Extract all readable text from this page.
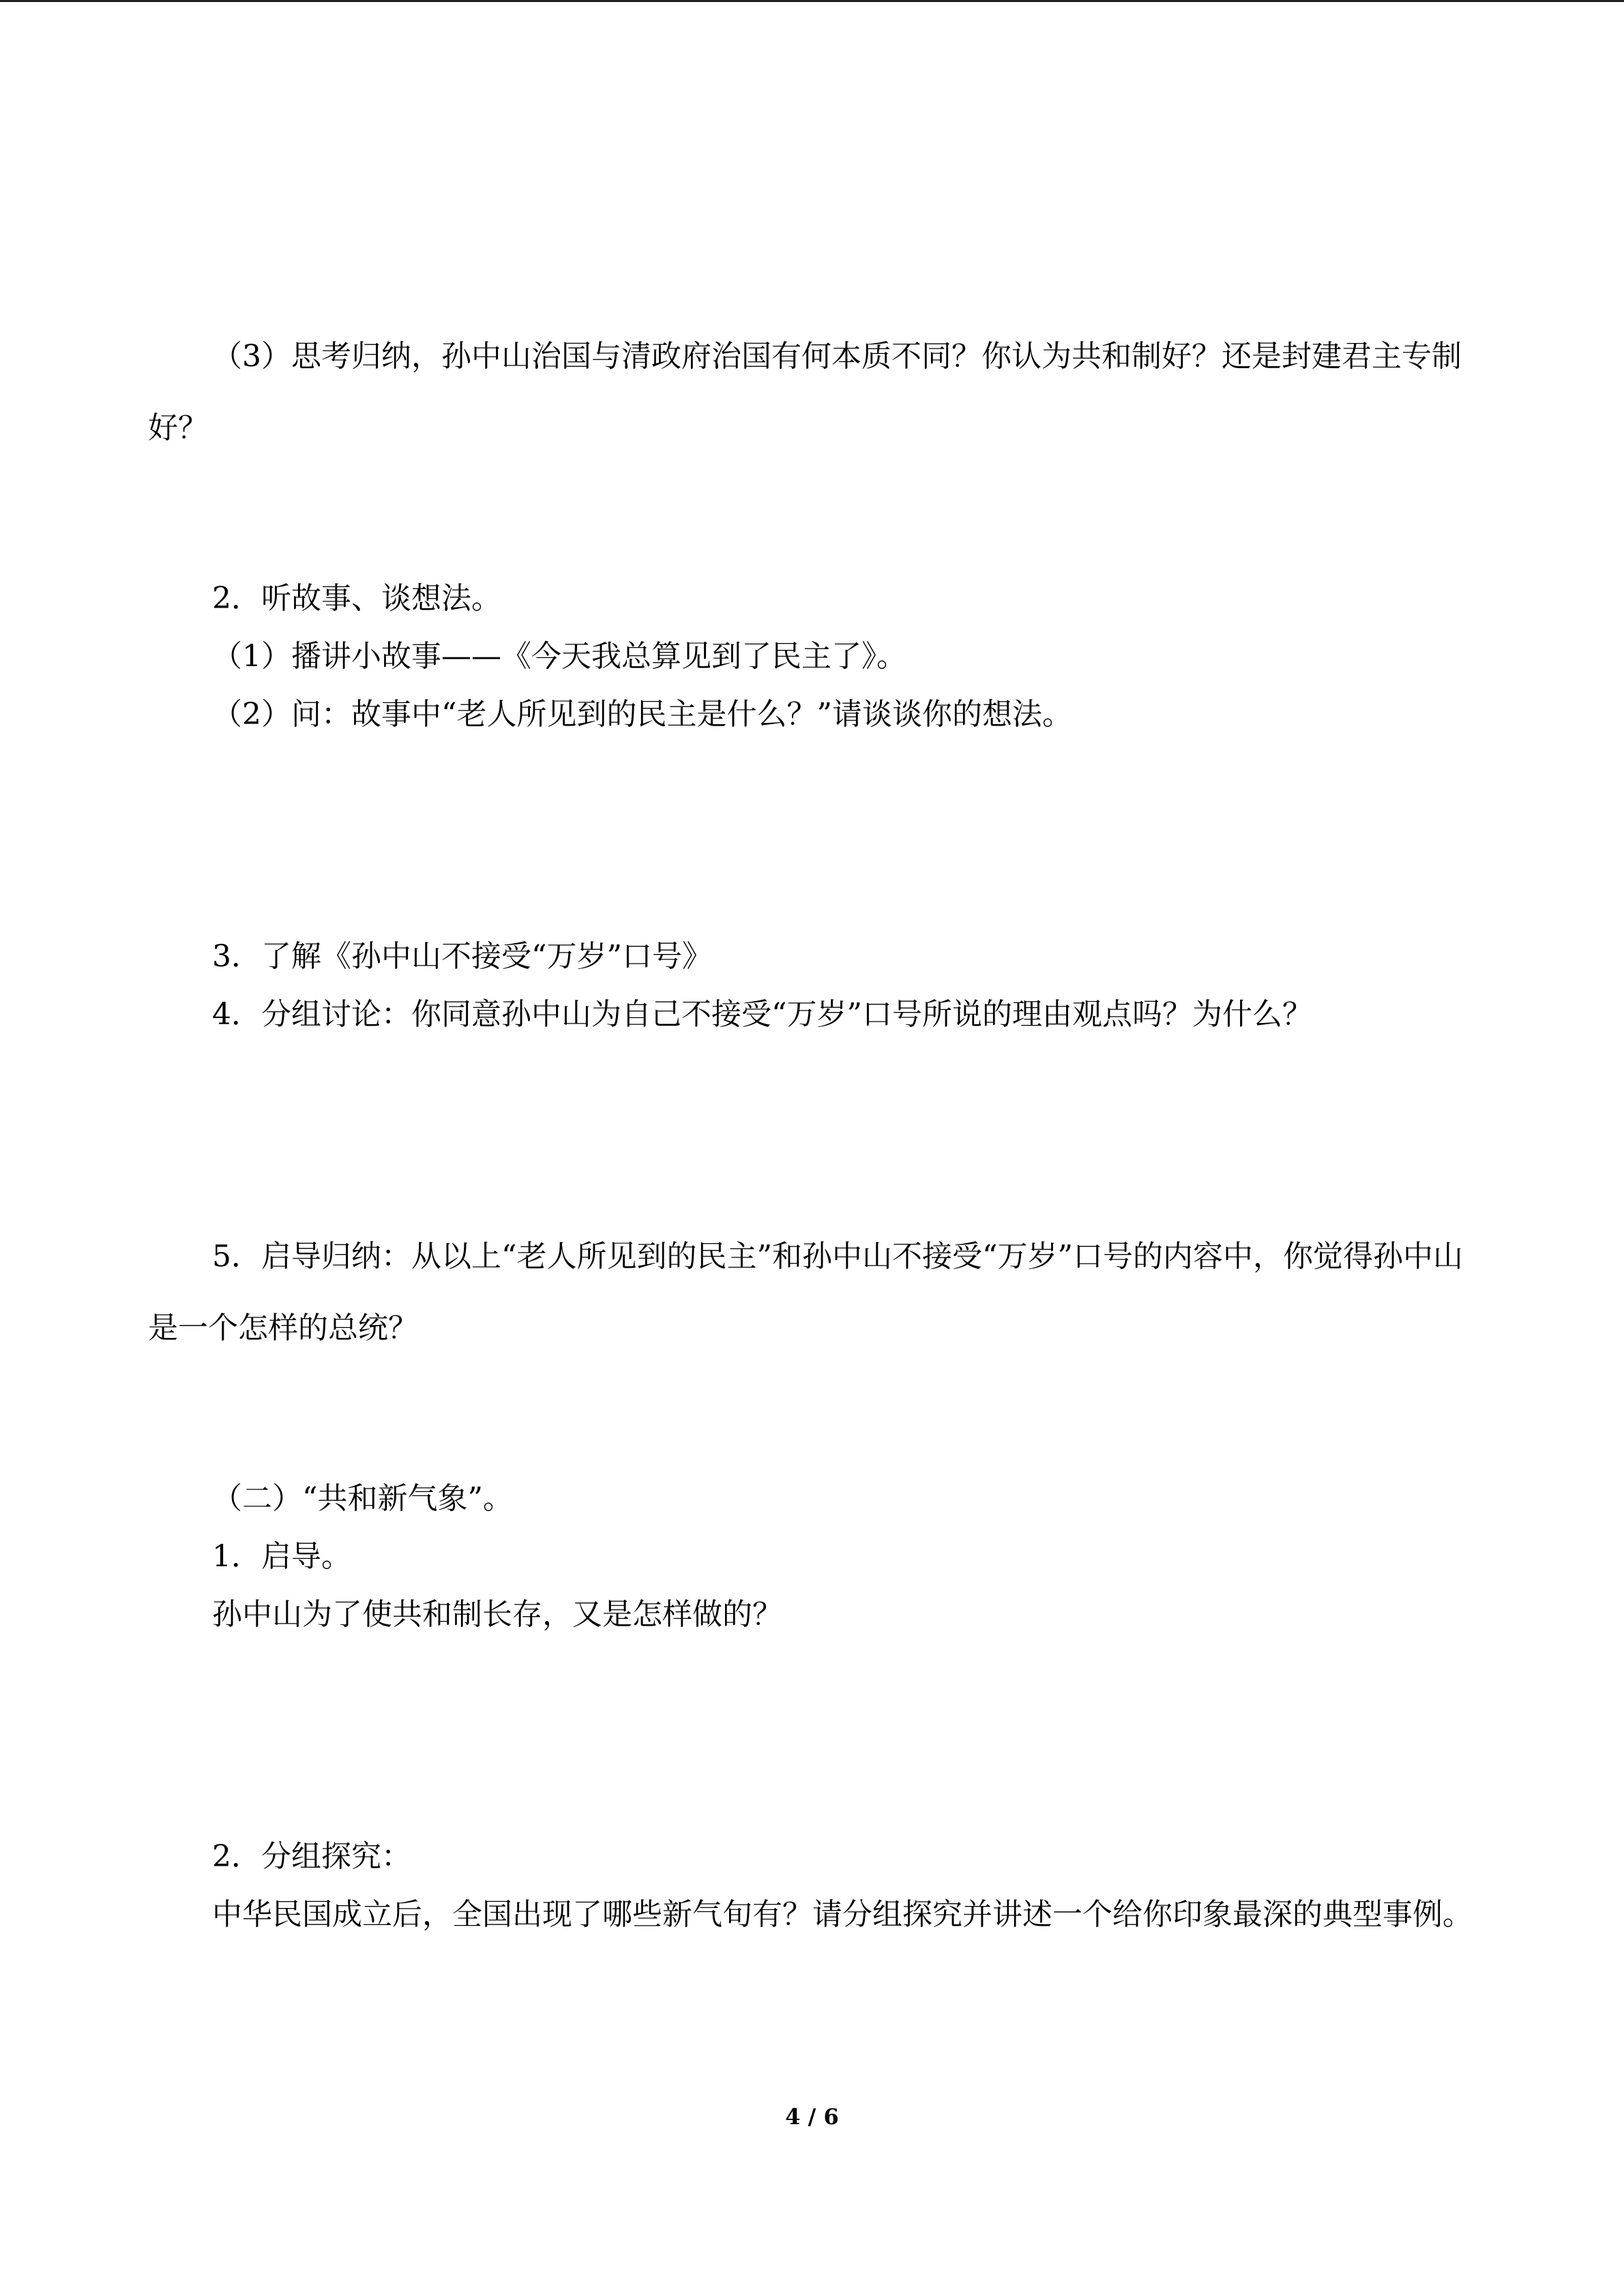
（3）思考归纳，孙中山治国与清政府治国有何本质不同？你认为共和制好？还是封建君主专制好？
2．听故事、谈想法。
（1）播讲小故事——《今天我总算见到了民主了》。
（2）问：故事中“老人所见到的民主是什么？”请谈谈你的想法。
3．了解《孙中山不接受“万岁”口号》
4．分组讨论：你同意孙中山为自己不接受“万岁”口号所说的理由观点吗？为什么？
5．启导归纳：从以上“老人所见到的民主”和孙中山不接受“万岁”口号的内容中，你觉得孙中山是一个怎样的总统？
（二）“共和新气象”。
1．启导。
孙中山为了使共和制长存，又是怎样做的？
2．分组探究：
中华民国成立后，全国出现了哪些新气旬有？请分组探究并讲述一个给你印象最深的典型事例。
4 / 6
